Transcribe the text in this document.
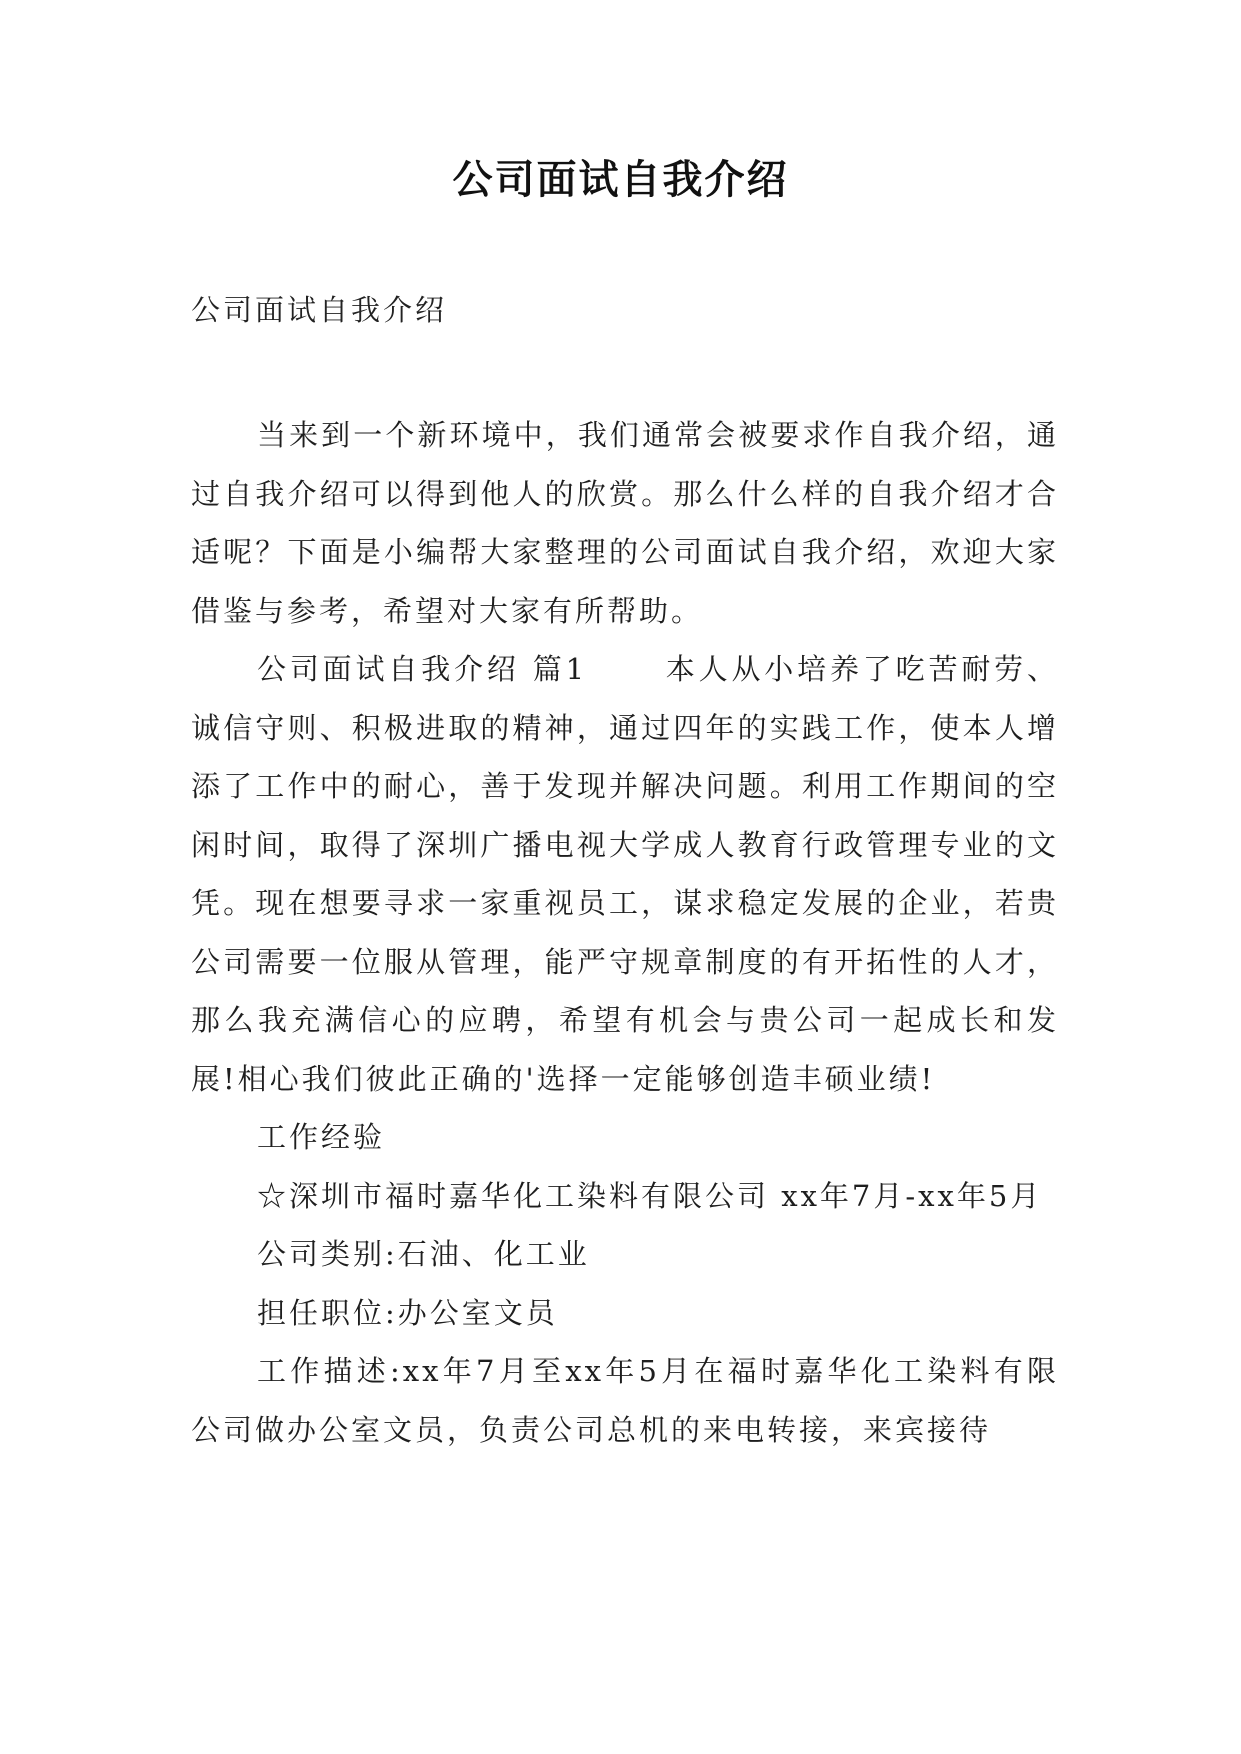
公司面试自我介绍
公司面试自我介绍

当来到一个新环境中，我们通常会被要求作自我介绍，通过自我介绍可以得到他人的欣赏。那么什么样的自我介绍才合适呢？下面是小编帮大家整理的公司面试自我介绍，欢迎大家借鉴与参考，希望对大家有所帮助。

公司面试自我介绍 篇1 　　本人从小培养了吃苦耐劳、诚信守则、积极进取的精神，通过四年的实践工作，使本人增添了工作中的耐心，善于发现并解决问题。利用工作期间的空闲时间，取得了深圳广播电视大学成人教育行政管理专业的文凭。现在想要寻求一家重视员工，谋求稳定发展的企业，若贵公司需要一位服从管理，能严守规章制度的有开拓性的人才，那么我充满信心的应聘，希望有机会与贵公司一起成长和发展!相心我们彼此正确的'选择一定能够创造丰硕业绩!

工作经验

☆深圳市福时嘉华化工染料有限公司 xx年7月-xx年5月

公司类别:石油、化工业

担任职位:办公室文员

工作描述:xx年7月至xx年5月在福时嘉华化工染料有限公司做办公室文员，负责公司总机的来电转接，来宾接待
